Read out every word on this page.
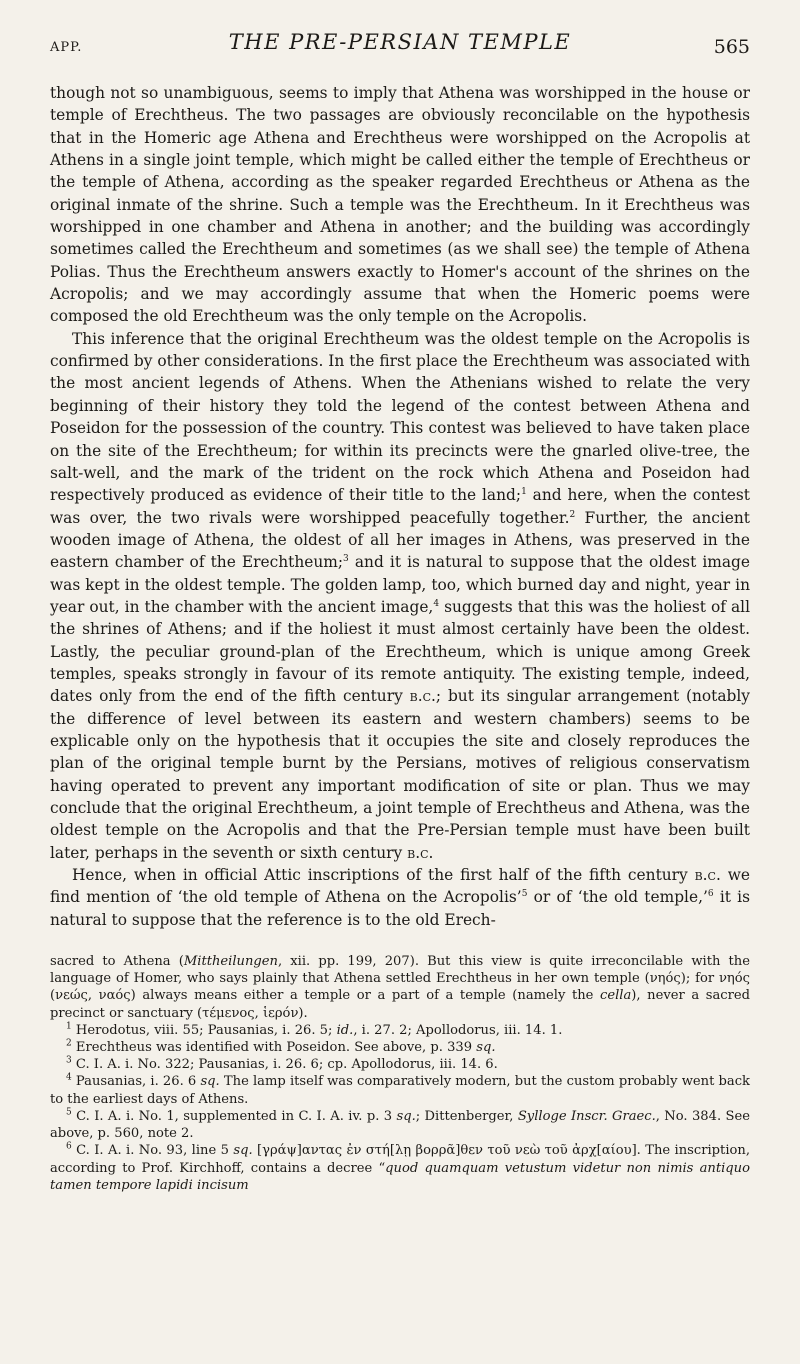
APP.	THE PRE-PERSIAN TEMPLE	565

though not so unambiguous, seems to imply that Athena was worshipped in the house or temple of Erechtheus. The two passages are obviously reconcilable on the hypothesis that in the Homeric age Athena and Erechtheus were worshipped on the Acropolis at Athens in a single joint temple, which might be called either the temple of Erechtheus or the temple of Athena, according as the speaker regarded Erechtheus or Athena as the original inmate of the shrine. Such a temple was the Erechtheum. In it Erechtheus was worshipped in one chamber and Athena in another; and the building was accordingly sometimes called the Erechtheum and sometimes (as we shall see) the temple of Athena Polias. Thus the Erechtheum answers exactly to Homer's account of the shrines on the Acropolis; and we may accordingly assume that when the Homeric poems were composed the old Erechtheum was the only temple on the Acropolis.

This inference that the original Erechtheum was the oldest temple on the Acropolis is confirmed by other considerations. In the first place the Erechtheum was associated with the most ancient legends of Athens. When the Athenians wished to relate the very beginning of their history they told the legend of the contest between Athena and Poseidon for the possession of the country. This contest was believed to have taken place on the site of the Erechtheum; for within its precincts were the gnarled olive-tree, the salt-well, and the mark of the trident on the rock which Athena and Poseidon had respectively produced as evidence of their title to the land;$^1$ and here, when the contest was over, the two rivals were worshipped peacefully together.$^2$ Further, the ancient wooden image of Athena, the oldest of all her images in Athens, was preserved in the eastern chamber of the Erechtheum;$^3$ and it is natural to suppose that the oldest image was kept in the oldest temple. The golden lamp, too, which burned day and night, year in year out, in the chamber with the ancient image,$^4$ suggests that this was the holiest of all the shrines of Athens; and if the holiest it must almost certainly have been the oldest. Lastly, the peculiar ground-plan of the Erechtheum, which is unique among Greek temples, speaks strongly in favour of its remote antiquity. The existing temple, indeed, dates only from the end of the fifth century b.c.; but its singular arrangement (notably the difference of level between its eastern and western chambers) seems to be explicable only on the hypothesis that it occupies the site and closely reproduces the plan of the original temple burnt by the Persians, motives of religious conservatism having operated to prevent any important modification of site or plan. Thus we may conclude that the original Erechtheum, a joint temple of Erechtheus and Athena, was the oldest temple on the Acropolis and that the Pre-Persian temple must have been built later, perhaps in the seventh or sixth century b.c.

Hence, when in official Attic inscriptions of the first half of the fifth century b.c. we find mention of ‘the old temple of Athena on the Acropolis’$^5$ or of ‘the old temple,’$^6$ it is natural to suppose that the reference is to the old Erech-

sacred to Athena (Mittheilungen, xii. pp. 199, 207). But this view is quite irreconcilable with the language of Homer, who says plainly that Athena settled Erechtheus in her own temple (νηός); for νηός (νεώς, ναός) always means either a temple or a part of a temple (namely the cella), never a sacred precinct or sanctuary (τέμενος, ἱερόν).

$^1$ Herodotus, viii. 55; Pausanias, i. 26. 5; id., i. 27. 2; Apollodorus, iii. 14. 1.

$^2$ Erechtheus was identified with Poseidon. See above, p. 339 sq.

$^3$ C. I. A. i. No. 322; Pausanias, i. 26. 6; cp. Apollodorus, iii. 14. 6.

$^4$ Pausanias, i. 26. 6 sq. The lamp itself was comparatively modern, but the custom probably went back to the earliest days of Athens.

$^5$ C. I. A. i. No. 1, supplemented in C. I. A. iv. p. 3 sq.; Dittenberger, Sylloge Inscr. Graec., No. 384. See above, p. 560, note 2.

$^6$ C. I. A. i. No. 93, line 5 sq. [γράψ]αντας ἐν στή[λῃ βορρᾶ]θεν τοῦ νεὼ τοῦ ἀρχ[αίου]. The inscription, according to Prof. Kirchhoff, contains a decree “quod quamquam vetustum videtur non nimis antiquo tamen tempore lapidi incisum
